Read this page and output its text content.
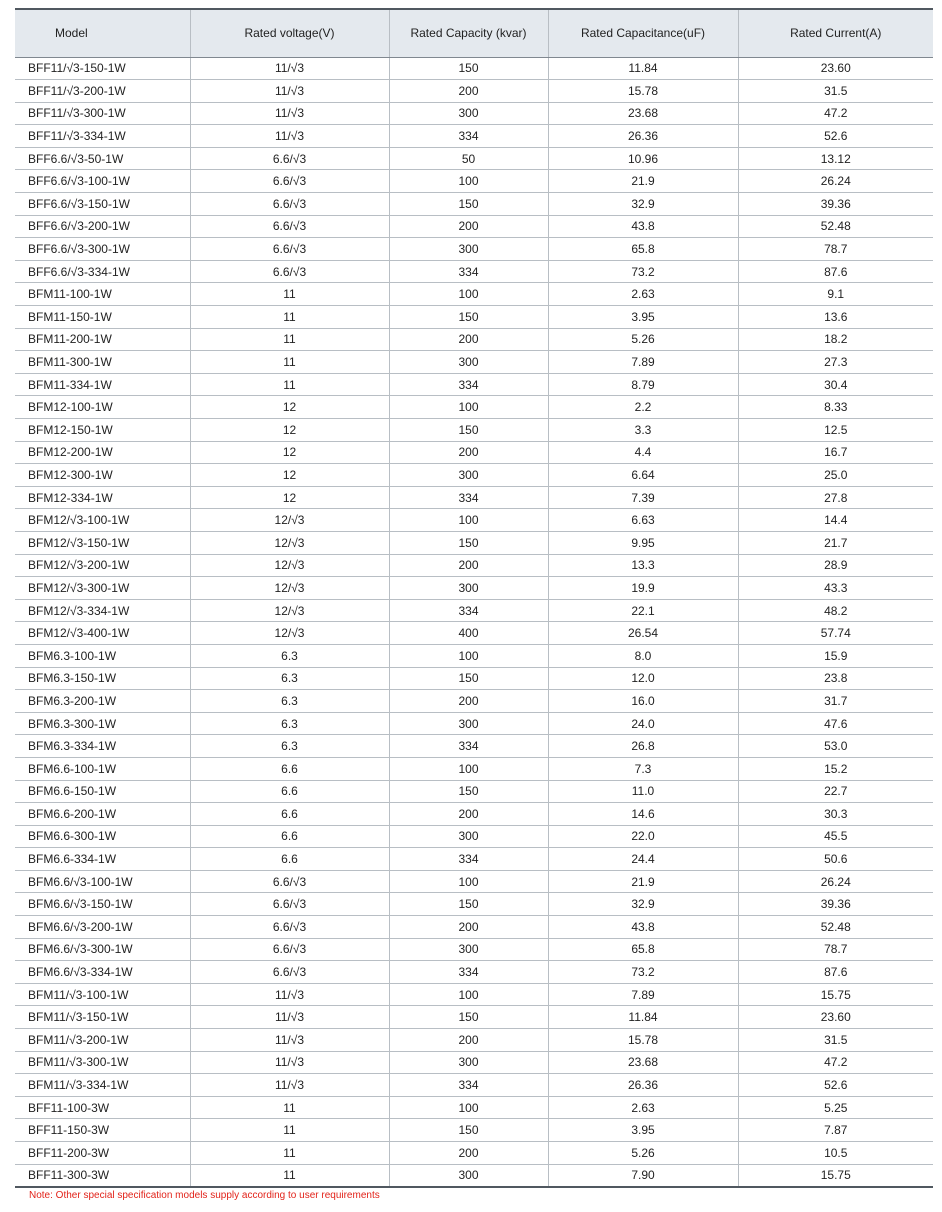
Model	Rated voltage(V)	Rated Capacity (kvar)	Rated Capacitance(uF)	Rated Current(A)
BFF11/√3-150-1W	11/√3	150	11.84	23.60
BFF11/√3-200-1W	11/√3	200	15.78	31.5
BFF11/√3-300-1W	11/√3	300	23.68	47.2
BFF11/√3-334-1W	11/√3	334	26.36	52.6
BFF6.6/√3-50-1W	6.6/√3	50	10.96	13.12
BFF6.6/√3-100-1W	6.6/√3	100	21.9	26.24
BFF6.6/√3-150-1W	6.6/√3	150	32.9	39.36
BFF6.6/√3-200-1W	6.6/√3	200	43.8	52.48
BFF6.6/√3-300-1W	6.6/√3	300	65.8	78.7
BFF6.6/√3-334-1W	6.6/√3	334	73.2	87.6
BFM11-100-1W	11	100	2.63	9.1
BFM11-150-1W	11	150	3.95	13.6
BFM11-200-1W	11	200	5.26	18.2
BFM11-300-1W	11	300	7.89	27.3
BFM11-334-1W	11	334	8.79	30.4
BFM12-100-1W	12	100	2.2	8.33
BFM12-150-1W	12	150	3.3	12.5
BFM12-200-1W	12	200	4.4	16.7
BFM12-300-1W	12	300	6.64	25.0
BFM12-334-1W	12	334	7.39	27.8
BFM12/√3-100-1W	12/√3	100	6.63	14.4
BFM12/√3-150-1W	12/√3	150	9.95	21.7
BFM12/√3-200-1W	12/√3	200	13.3	28.9
BFM12/√3-300-1W	12/√3	300	19.9	43.3
BFM12/√3-334-1W	12/√3	334	22.1	48.2
BFM12/√3-400-1W	12/√3	400	26.54	57.74
BFM6.3-100-1W	6.3	100	8.0	15.9
BFM6.3-150-1W	6.3	150	12.0	23.8
BFM6.3-200-1W	6.3	200	16.0	31.7
BFM6.3-300-1W	6.3	300	24.0	47.6
BFM6.3-334-1W	6.3	334	26.8	53.0
BFM6.6-100-1W	6.6	100	7.3	15.2
BFM6.6-150-1W	6.6	150	11.0	22.7
BFM6.6-200-1W	6.6	200	14.6	30.3
BFM6.6-300-1W	6.6	300	22.0	45.5
BFM6.6-334-1W	6.6	334	24.4	50.6
BFM6.6/√3-100-1W	6.6/√3	100	21.9	26.24
BFM6.6/√3-150-1W	6.6/√3	150	32.9	39.36
BFM6.6/√3-200-1W	6.6/√3	200	43.8	52.48
BFM6.6/√3-300-1W	6.6/√3	300	65.8	78.7
BFM6.6/√3-334-1W	6.6/√3	334	73.2	87.6
BFM11/√3-100-1W	11/√3	100	7.89	15.75
BFM11/√3-150-1W	11/√3	150	11.84	23.60
BFM11/√3-200-1W	11/√3	200	15.78	31.5
BFM11/√3-300-1W	11/√3	300	23.68	47.2
BFM11/√3-334-1W	11/√3	334	26.36	52.6
BFF11-100-3W	11	100	2.63	5.25
BFF11-150-3W	11	150	3.95	7.87
BFF11-200-3W	11	200	5.26	10.5
BFF11-300-3W	11	300	7.90	15.75
Note: Other special specification models supply according to user requirements
